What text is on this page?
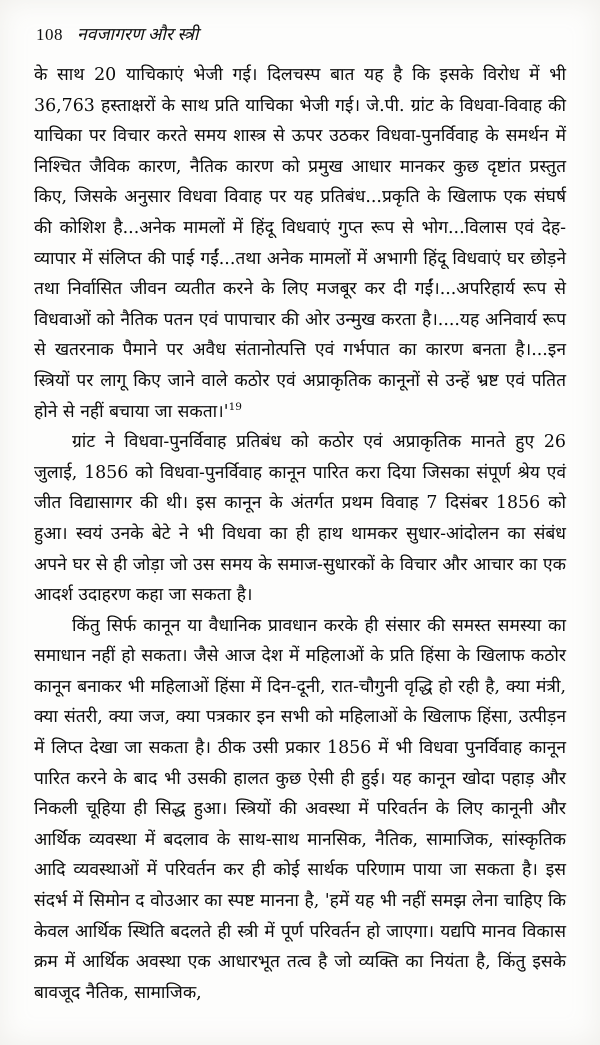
108 नवजागरण और स्त्री

के साथ 20 याचिकाएं भेजी गई। दिलचस्प बात यह है कि इसके विरोध में भी 36,763 हस्ताक्षरों के साथ प्रति याचिका भेजी गई। जे.पी. ग्रांट के विधवा-विवाह की याचिका पर विचार करते समय शास्त्र से ऊपर उठकर विधवा-पुनर्विवाह के समर्थन में निश्चित जैविक कारण, नैतिक कारण को प्रमुख आधार मानकर कुछ दृष्टांत प्रस्तुत किए, जिसके अनुसार विधवा विवाह पर यह प्रतिबंध...प्रकृति के खिलाफ एक संघर्ष की कोशिश है...अनेक मामलों में हिंदू विधवाएं गुप्त रूप से भोग...विलास एवं देह-व्यापार में संलिप्त की पाई गईं...तथा अनेक मामलों में अभागी हिंदू विधवाएं घर छोड़ने तथा निर्वासित जीवन व्यतीत करने के लिए मजबूर कर दी गईं।...अपरिहार्य रूप से विधवाओं को नैतिक पतन एवं पापाचार की ओर उन्मुख करता है।....यह अनिवार्य रूप से खतरनाक पैमाने पर अवैध संतानोत्पत्ति एवं गर्भपात का कारण बनता है।...इन स्त्रियों पर लागू किए जाने वाले कठोर एवं अप्राकृतिक कानूनों से उन्हें भ्रष्ट एवं पतित होने से नहीं बचाया जा $सकता।'^{19}$

ग्रांट ने विधवा-पुनर्विवाह प्रतिबंध को कठोर एवं अप्राकृतिक मानते हुए 26 जुलाई, 1856 को विधवा-पुनर्विवाह कानून पारित करा दिया जिसका संपूर्ण श्रेय एवं जीत विद्यासागर की थी। इस कानून के अंतर्गत प्रथम विवाह 7 दिसंबर 1856 को हुआ। स्वयं उनके बेटे ने भी विधवा का ही हाथ थामकर सुधार-आंदोलन का संबंध अपने घर से ही जोड़ा जो उस समय के समाज-सुधारकों के विचार और आचार का एक आदर्श उदाहरण कहा जा सकता है।

किंतु सिर्फ कानून या वैधानिक प्रावधान करके ही संसार की समस्त समस्या का समाधान नहीं हो सकता। जैसे आज देश में महिलाओं के प्रति हिंसा के खिलाफ कठोर कानून बनाकर भी महिलाओं हिंसा में दिन-दूनी, रात-चौगुनी वृद्धि हो रही है, क्या मंत्री, क्या संतरी, क्या जज, क्या पत्रकार इन सभी को महिलाओं के खिलाफ हिंसा, उत्पीड़न में लिप्त देखा जा सकता है। ठीक उसी प्रकार 1856 में भी विधवा पुनर्विवाह कानून पारित करने के बाद भी उसकी हालत कुछ ऐसी ही हुई। यह कानून खोदा पहाड़ और निकली चूहिया ही सिद्ध हुआ। स्त्रियों की अवस्था में परिवर्तन के लिए कानूनी और आर्थिक व्यवस्था में बदलाव के साथ-साथ मानसिक, नैतिक, सामाजिक, सांस्कृतिक आदि व्यवस्थाओं में परिवर्तन कर ही कोई सार्थक परिणाम पाया जा सकता है। इस संदर्भ में सिमोन द वोउआर का स्पष्ट मानना है, 'हमें यह भी नहीं समझ लेना चाहिए कि केवल आर्थिक स्थिति बदलते ही स्त्री में पूर्ण परिवर्तन हो जाएगा। यद्यपि मानव विकास क्रम में आर्थिक अवस्था एक आधारभूत तत्व है जो व्यक्ति का नियंता है, किंतु इसके बावजूद नैतिक, सामाजिक,
